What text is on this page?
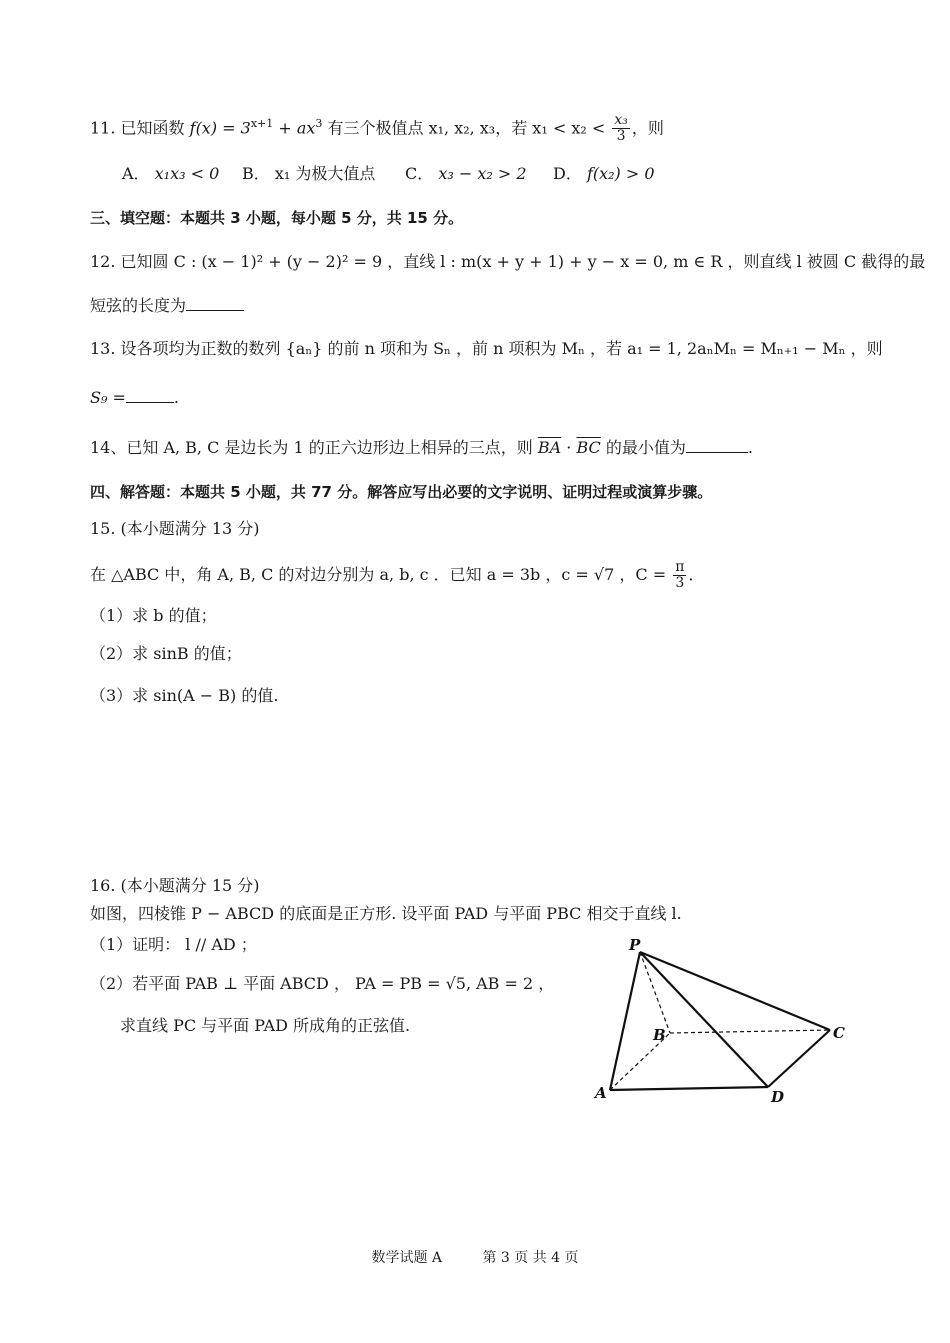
11. 已知函数 $f(x) = 3^{x+1} + ax^3$ 有三个极值点 x₁, x₂, x₃，若 $x_1 < x_2 < \frac{\text{x₃}}{3}$ ，则
A． x₁x₃ < 0 B． x₁ 为极大值点 C． x₃ − x₂ > 2 D． f(x₂) > 0
三、填空题：本题共 3 小题，每小题 5 分，共 15 分。
12. 已知圆 C : (x − 1)² + (y − 2)² = 9 ，直线 l : m(x + y + 1) + y − x = 0, m ∈ R ，则直线 l 被圆 C 截得的最
短弦的长度为
13. 设各项均为正数的数列 {aₙ} 的前 n 项和为 Sₙ ，前 n 项积为 Mₙ ，若 a₁ = 1, 2aₙMₙ = Mₙ₊₁ − Mₙ ，则
S₉ =	.
14、已知 A, B, C 是边长为 1 的正六边形边上相异的三点，则 $\overline{BA} \cdot \overline{BC}$ 的最小值为	.
四、解答题：本题共 5 小题，共 77 分。解答应写出必要的文字说明、证明过程或演算步骤。
15. (本小题满分 13 分)
在 △ABC 中，角 A, B, C 的对边分别为 a, b, c ．已知 a = 3b ，c = √7 ，$C = \frac{\pi}{3}$ ．
（1）求 b 的值；
（2）求 sinB 的值；
（3）求 sin(A − B) 的值.
16. (本小题满分 15 分)
如图，四棱锥 P − ABCD 的底面是正方形. 设平面 PAD 与平面 PBC 相交于直线 l.
（1）证明： l // AD ；
（2）若平面 PAB ⊥ 平面 ABCD ， PA = PB = √5, AB = 2 ，
求直线 PC 与平面 PAD 所成角的正弦值.
P
B	C
A	D
数学试题 A	第 3 页 共 4 页
